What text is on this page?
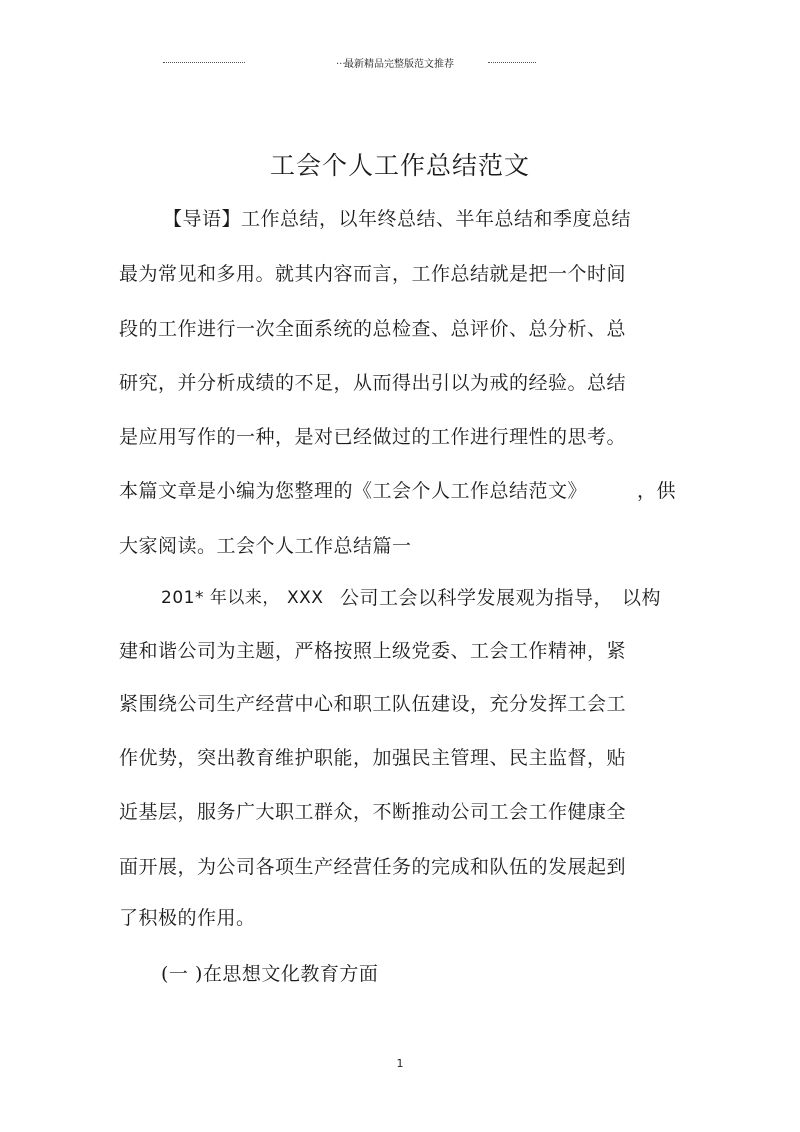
...
最新精品完整版范文推荐
工会个人工作总结范文
【导语】工作总结，以年终总结、半年总结和季度总结
最为常见和多用。就其内容而言，工作总结就是把一个时间
段的工作进行一次全面系统的总检查、总评价、总分析、总
研究，并分析成绩的不足，从而得出引以为戒的经验。总结
是应用写作的一种，是对已经做过的工作进行理性的思考。
本篇文章是小编为您整理的《工会个人工作总结范文》	，供
大家阅读。工会个人工作总结篇一
201* 年以来， XXX 公司工会以科学发展观为指导， 以构
建和谐公司为主题，严格按照上级党委、工会工作精神，紧
紧围绕公司生产经营中心和职工队伍建设，充分发挥工会工
作优势，突出教育维护职能，加强民主管理、民主监督，贴
近基层，服务广大职工群众，不断推动公司工会工作健康全
面开展，为公司各项生产经营任务的完成和队伍的发展起到
了积极的作用。
(一 )在思想文化教育方面
1
